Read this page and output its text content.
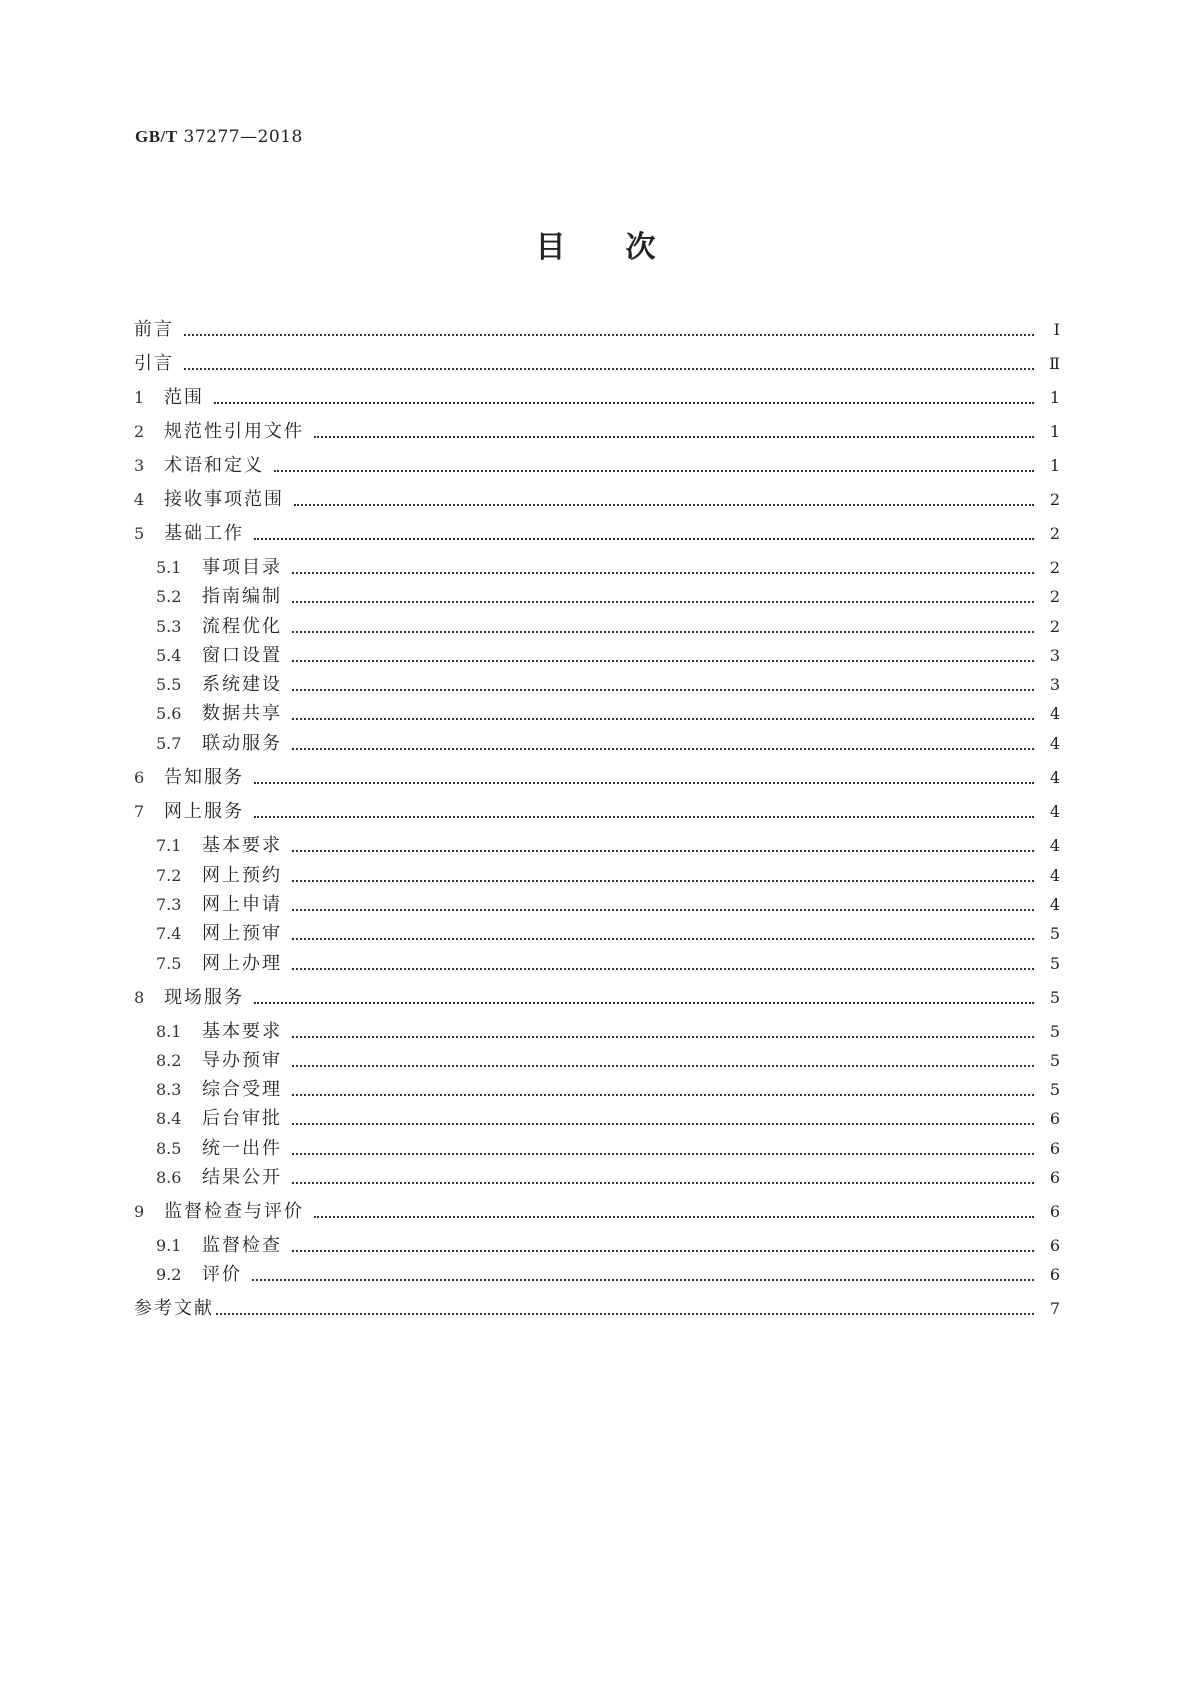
GB/T 37277—2018
目次
前言	Ⅰ
引言	Ⅱ
1	范围	1
2	规范性引用文件	1
3	术语和定义	1
4	接收事项范围	2
5	基础工作	2
5.1	事项目录	2
5.2	指南编制	2
5.3	流程优化	2
5.4	窗口设置	3
5.5	系统建设	3
5.6	数据共享	4
5.7	联动服务	4
6	告知服务	4
7	网上服务	4
7.1	基本要求	4
7.2	网上预约	4
7.3	网上申请	4
7.4	网上预审	5
7.5	网上办理	5
8	现场服务	5
8.1	基本要求	5
8.2	导办预审	5
8.3	综合受理	5
8.4	后台审批	6
8.5	统一出件	6
8.6	结果公开	6
9	监督检查与评价	6
9.1	监督检查	6
9.2	评价	6
参考文献	7
